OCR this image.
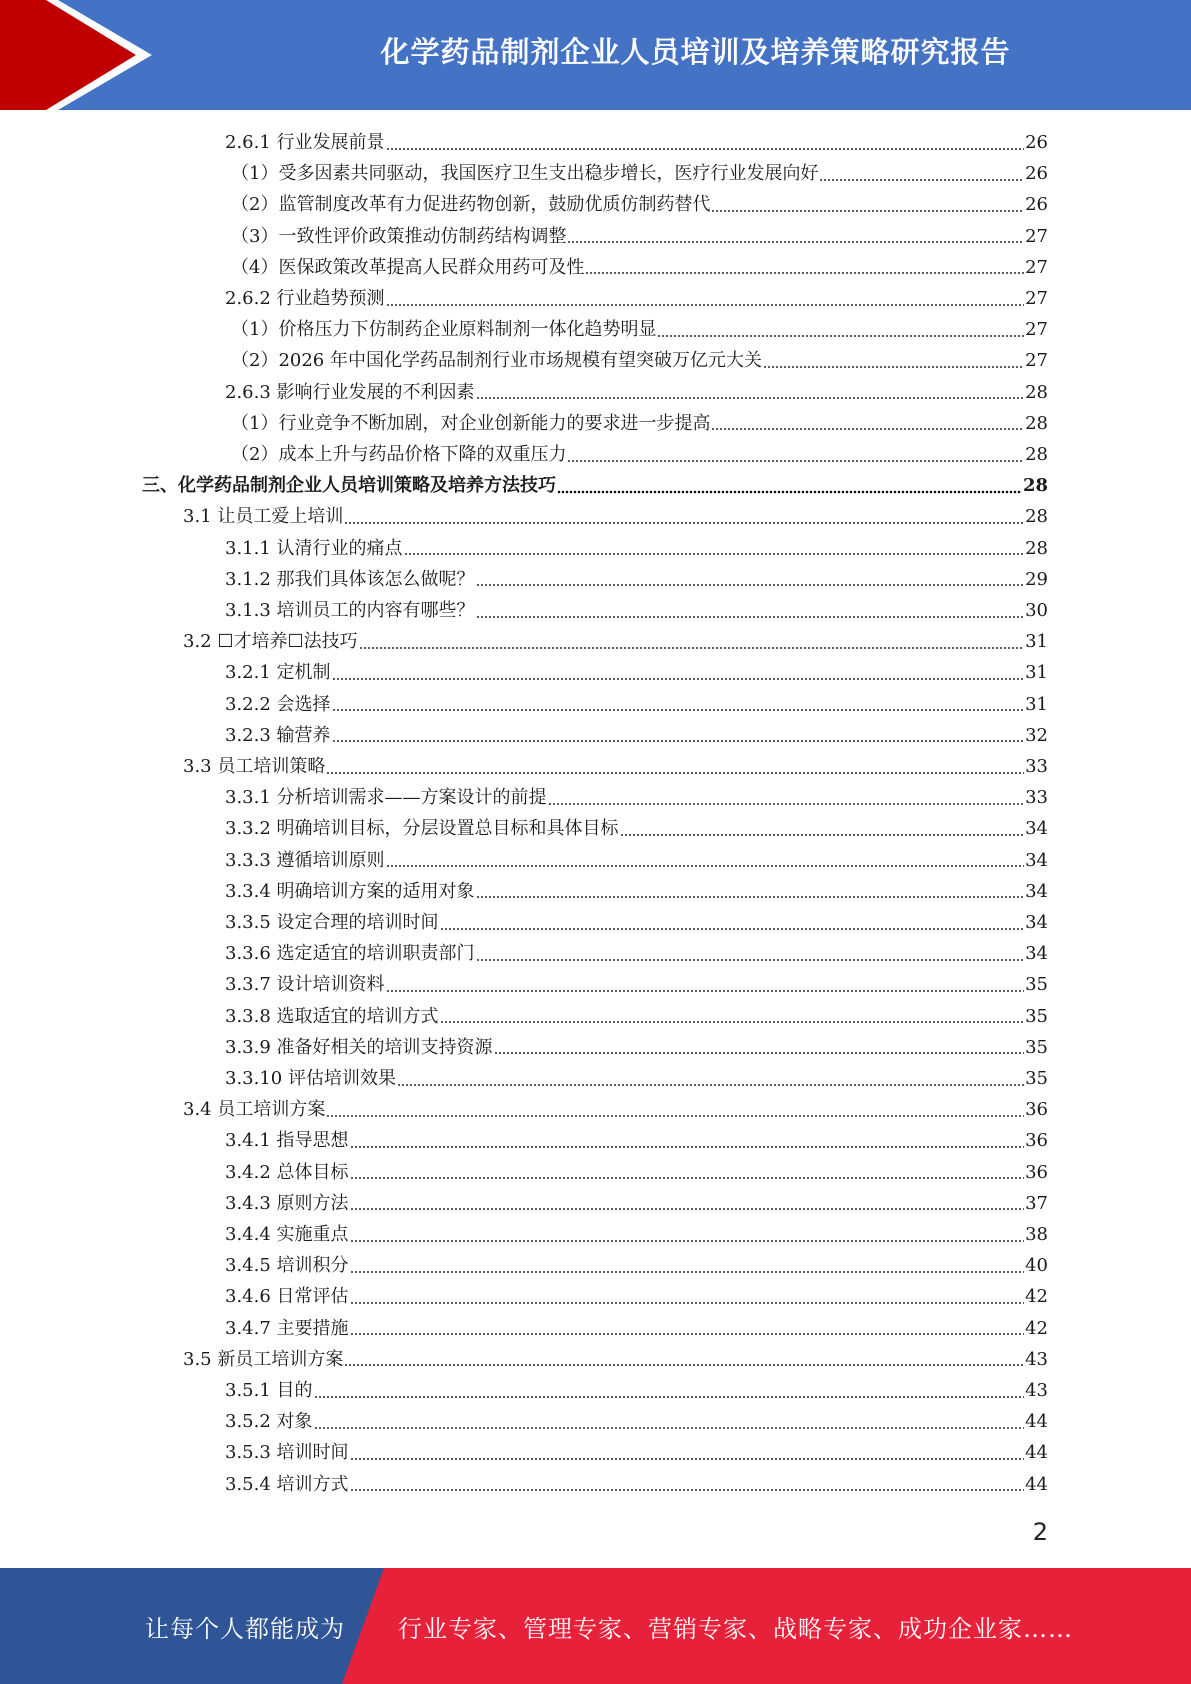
化学药品制剂企业人员培训及培养策略研究报告
2.6.1 行业发展前景	26
（1）受多因素共同驱动，我国医疗卫生支出稳步增长，医疗行业发展向好	26
（2）监管制度改革有力促进药物创新，鼓励优质仿制药替代	26
（3）一致性评价政策推动仿制药结构调整	27
（4）医保政策改革提高人民群众用药可及性	27
2.6.2 行业趋势预测	27
（1）价格压力下仿制药企业原料制剂一体化趋势明显	27
（2）2026 年中国化学药品制剂行业市场规模有望突破万亿元大关	27
2.6.3 影响行业发展的不利因素	28
（1）行业竞争不断加剧，对企业创新能力的要求进一步提高	28
（2）成本上升与药品价格下降的双重压力	28
三、化学药品制剂企业人员培训策略及培养方法技巧	28
3.1 让员工爱上培训	28
3.1.1 认清行业的痛点	28
3.1.2 那我们具体该怎么做呢？	29
3.1.3 培训员工的内容有哪些？	30
3.2 ☐才培养☐法技巧	31
3.2.1 定机制	31
3.2.2 会选择	31
3.2.3 输营养	32
3.3 员工培训策略	33
3.3.1 分析培训需求——方案设计的前提	33
3.3.2 明确培训目标，分层设置总目标和具体目标	34
3.3.3 遵循培训原则	34
3.3.4 明确培训方案的适用对象	34
3.3.5 设定合理的培训时间	34
3.3.6 选定适宜的培训职责部门	34
3.3.7 设计培训资料	35
3.3.8 选取适宜的培训方式	35
3.3.9 准备好相关的培训支持资源	35
3.3.10 评估培训效果	35
3.4 员工培训方案	36
3.4.1 指导思想	36
3.4.2 总体目标	36
3.4.3 原则方法	37
3.4.4 实施重点	38
3.4.5 培训积分	40
3.4.6 日常评估	42
3.4.7 主要措施	42
3.5 新员工培训方案	43
3.5.1 目的	43
3.5.2 对象	44
3.5.3 培训时间	44
3.5.4 培训方式	44
2
让每个人都能成为 行业专家、管理专家、营销专家、战略专家、成功企业家……
